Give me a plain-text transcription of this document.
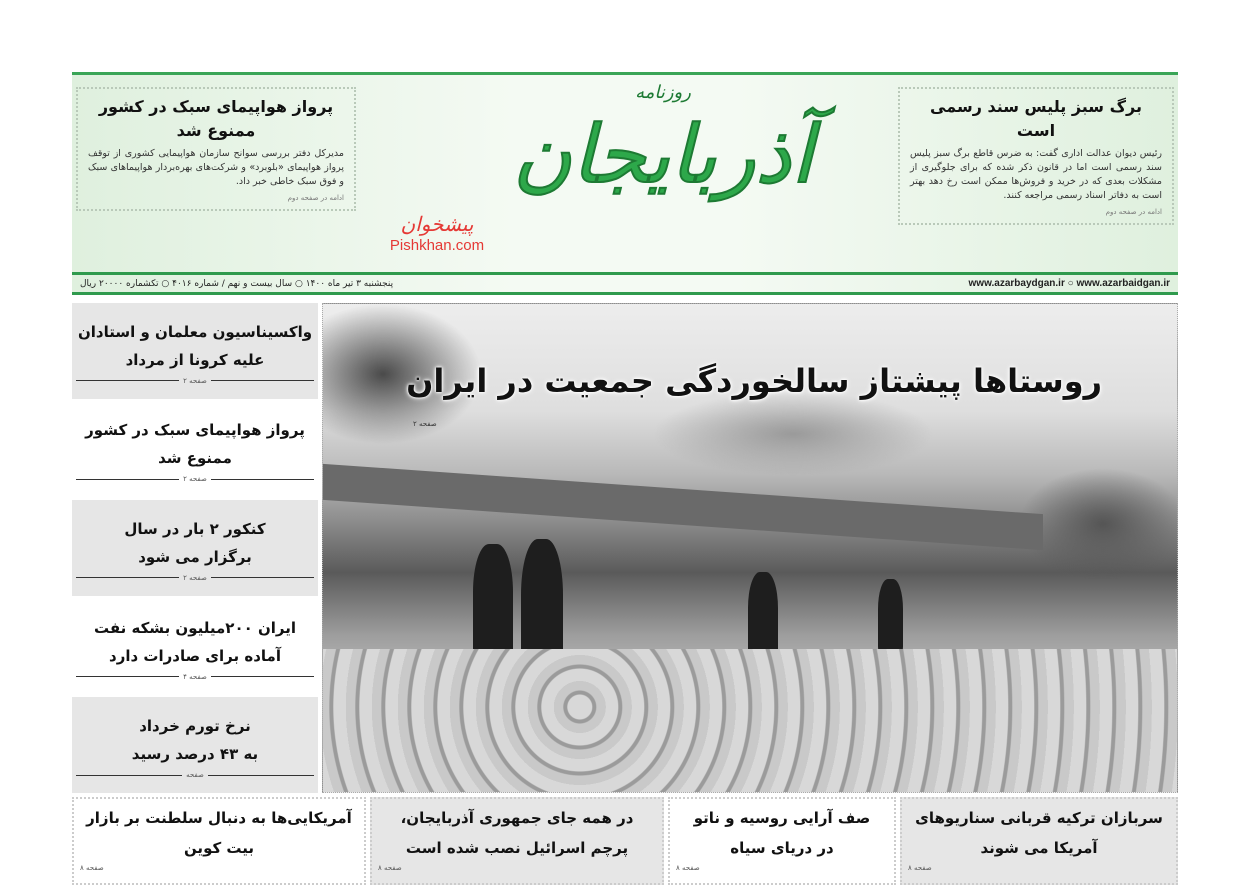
پرواز هواپیمای سبک در کشور ممنوع شد

مدیرکل دفتر بررسی سوانح سازمان هواپیمایی کشوری از توقف پرواز هواپیمای «بلوبرد» و شرکت‌های بهره‌بردار هواپیماهای سبک و فوق سبک خاطی خبر داد.

ادامه در صفحه دوم
روزنامه
آذربایجان
پیشخوان
Pishkhan.com
برگ سبز پلیس سند رسمی است

رئیس دیوان عدالت اداری گفت: به ضرس قاطع برگ سبز پلیس سند رسمی است اما در قانون ذکر شده که برای جلوگیری از مشکلات بعدی که در خرید و فروش‌ها ممکن است رخ دهد بهتر است به دفاتر اسناد رسمی مراجعه کنند.

ادامه در صفحه دوم
پنجشنبه ۳ تیر ماه ۱۴۰۰ ○ سال بیست و نهم / شماره ۴۰۱۶ ○ تکشماره ۲۰۰۰۰ ریال	www.azarbaydgan.ir ○ www.azarbaidgan.ir
واکسیناسیون معلمان و استادان
علیه کرونا از مرداد
صفحه ۲
پرواز هواپیمای سبک در کشور
ممنوع شد
صفحه ۲
کنکور ۲ بار در سال
برگزار می شود
صفحه ۲
ایران ۲۰۰میلیون بشکه نفت
آماده برای صادرات دارد
صفحه ۴
نرخ تورم خرداد
به ۴۳ درصد رسید
صفحه
روستاها پیشتاز سالخوردگی جمعیت در ایران
صفحه ۲
سربازان ترکیه قربانی سناریوهای
آمریکا می شوند
صفحه ۸
صف آرایی روسیه و ناتو
در دریای سیاه
صفحه ۸
در همه جای جمهوری آذربایجان،
پرچم اسرائیل نصب شده است
صفحه ۸
آمریکایی‌ها به دنبال سلطنت بر بازار
بیت کوین
صفحه ۸
